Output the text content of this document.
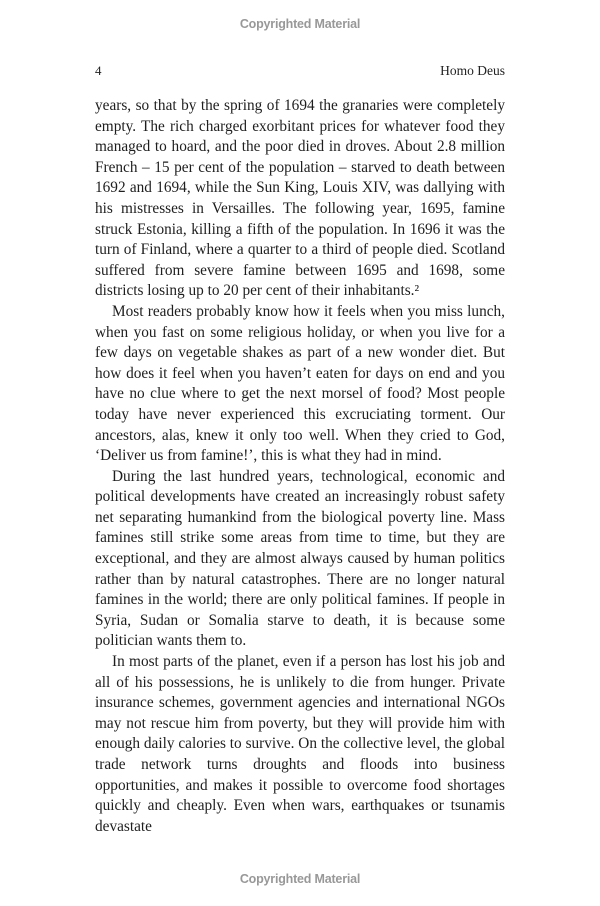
Copyrighted Material
4	Homo Deus

years, so that by the spring of 1694 the granaries were completely empty. The rich charged exorbitant prices for whatever food they managed to hoard, and the poor died in droves. About 2.8 million French – 15 per cent of the population – starved to death between 1692 and 1694, while the Sun King, Louis XIV, was dallying with his mistresses in Versailles. The following year, 1695, famine struck Estonia, killing a fifth of the population. In 1696 it was the turn of Finland, where a quarter to a third of people died. Scotland suffered from severe famine between 1695 and 1698, some districts losing up to 20 per cent of their inhabitants.²

Most readers probably know how it feels when you miss lunch, when you fast on some religious holiday, or when you live for a few days on vegetable shakes as part of a new wonder diet. But how does it feel when you haven’t eaten for days on end and you have no clue where to get the next morsel of food? Most people today have never experienced this excruciating torment. Our ancestors, alas, knew it only too well. When they cried to God, ‘Deliver us from famine!’, this is what they had in mind.

During the last hundred years, technological, economic and political developments have created an increasingly robust safety net separating humankind from the biological poverty line. Mass famines still strike some areas from time to time, but they are exceptional, and they are almost always caused by human politics rather than by natural catastrophes. There are no longer natural famines in the world; there are only political famines. If people in Syria, Sudan or Somalia starve to death, it is because some politician wants them to.

In most parts of the planet, even if a person has lost his job and all of his possessions, he is unlikely to die from hunger. Private insurance schemes, government agencies and international NGOs may not rescue him from poverty, but they will provide him with enough daily calories to survive. On the collective level, the global trade network turns droughts and floods into business opportunities, and makes it possible to overcome food shortages quickly and cheaply. Even when wars, earthquakes or tsunamis devastate

Copyrighted Material
